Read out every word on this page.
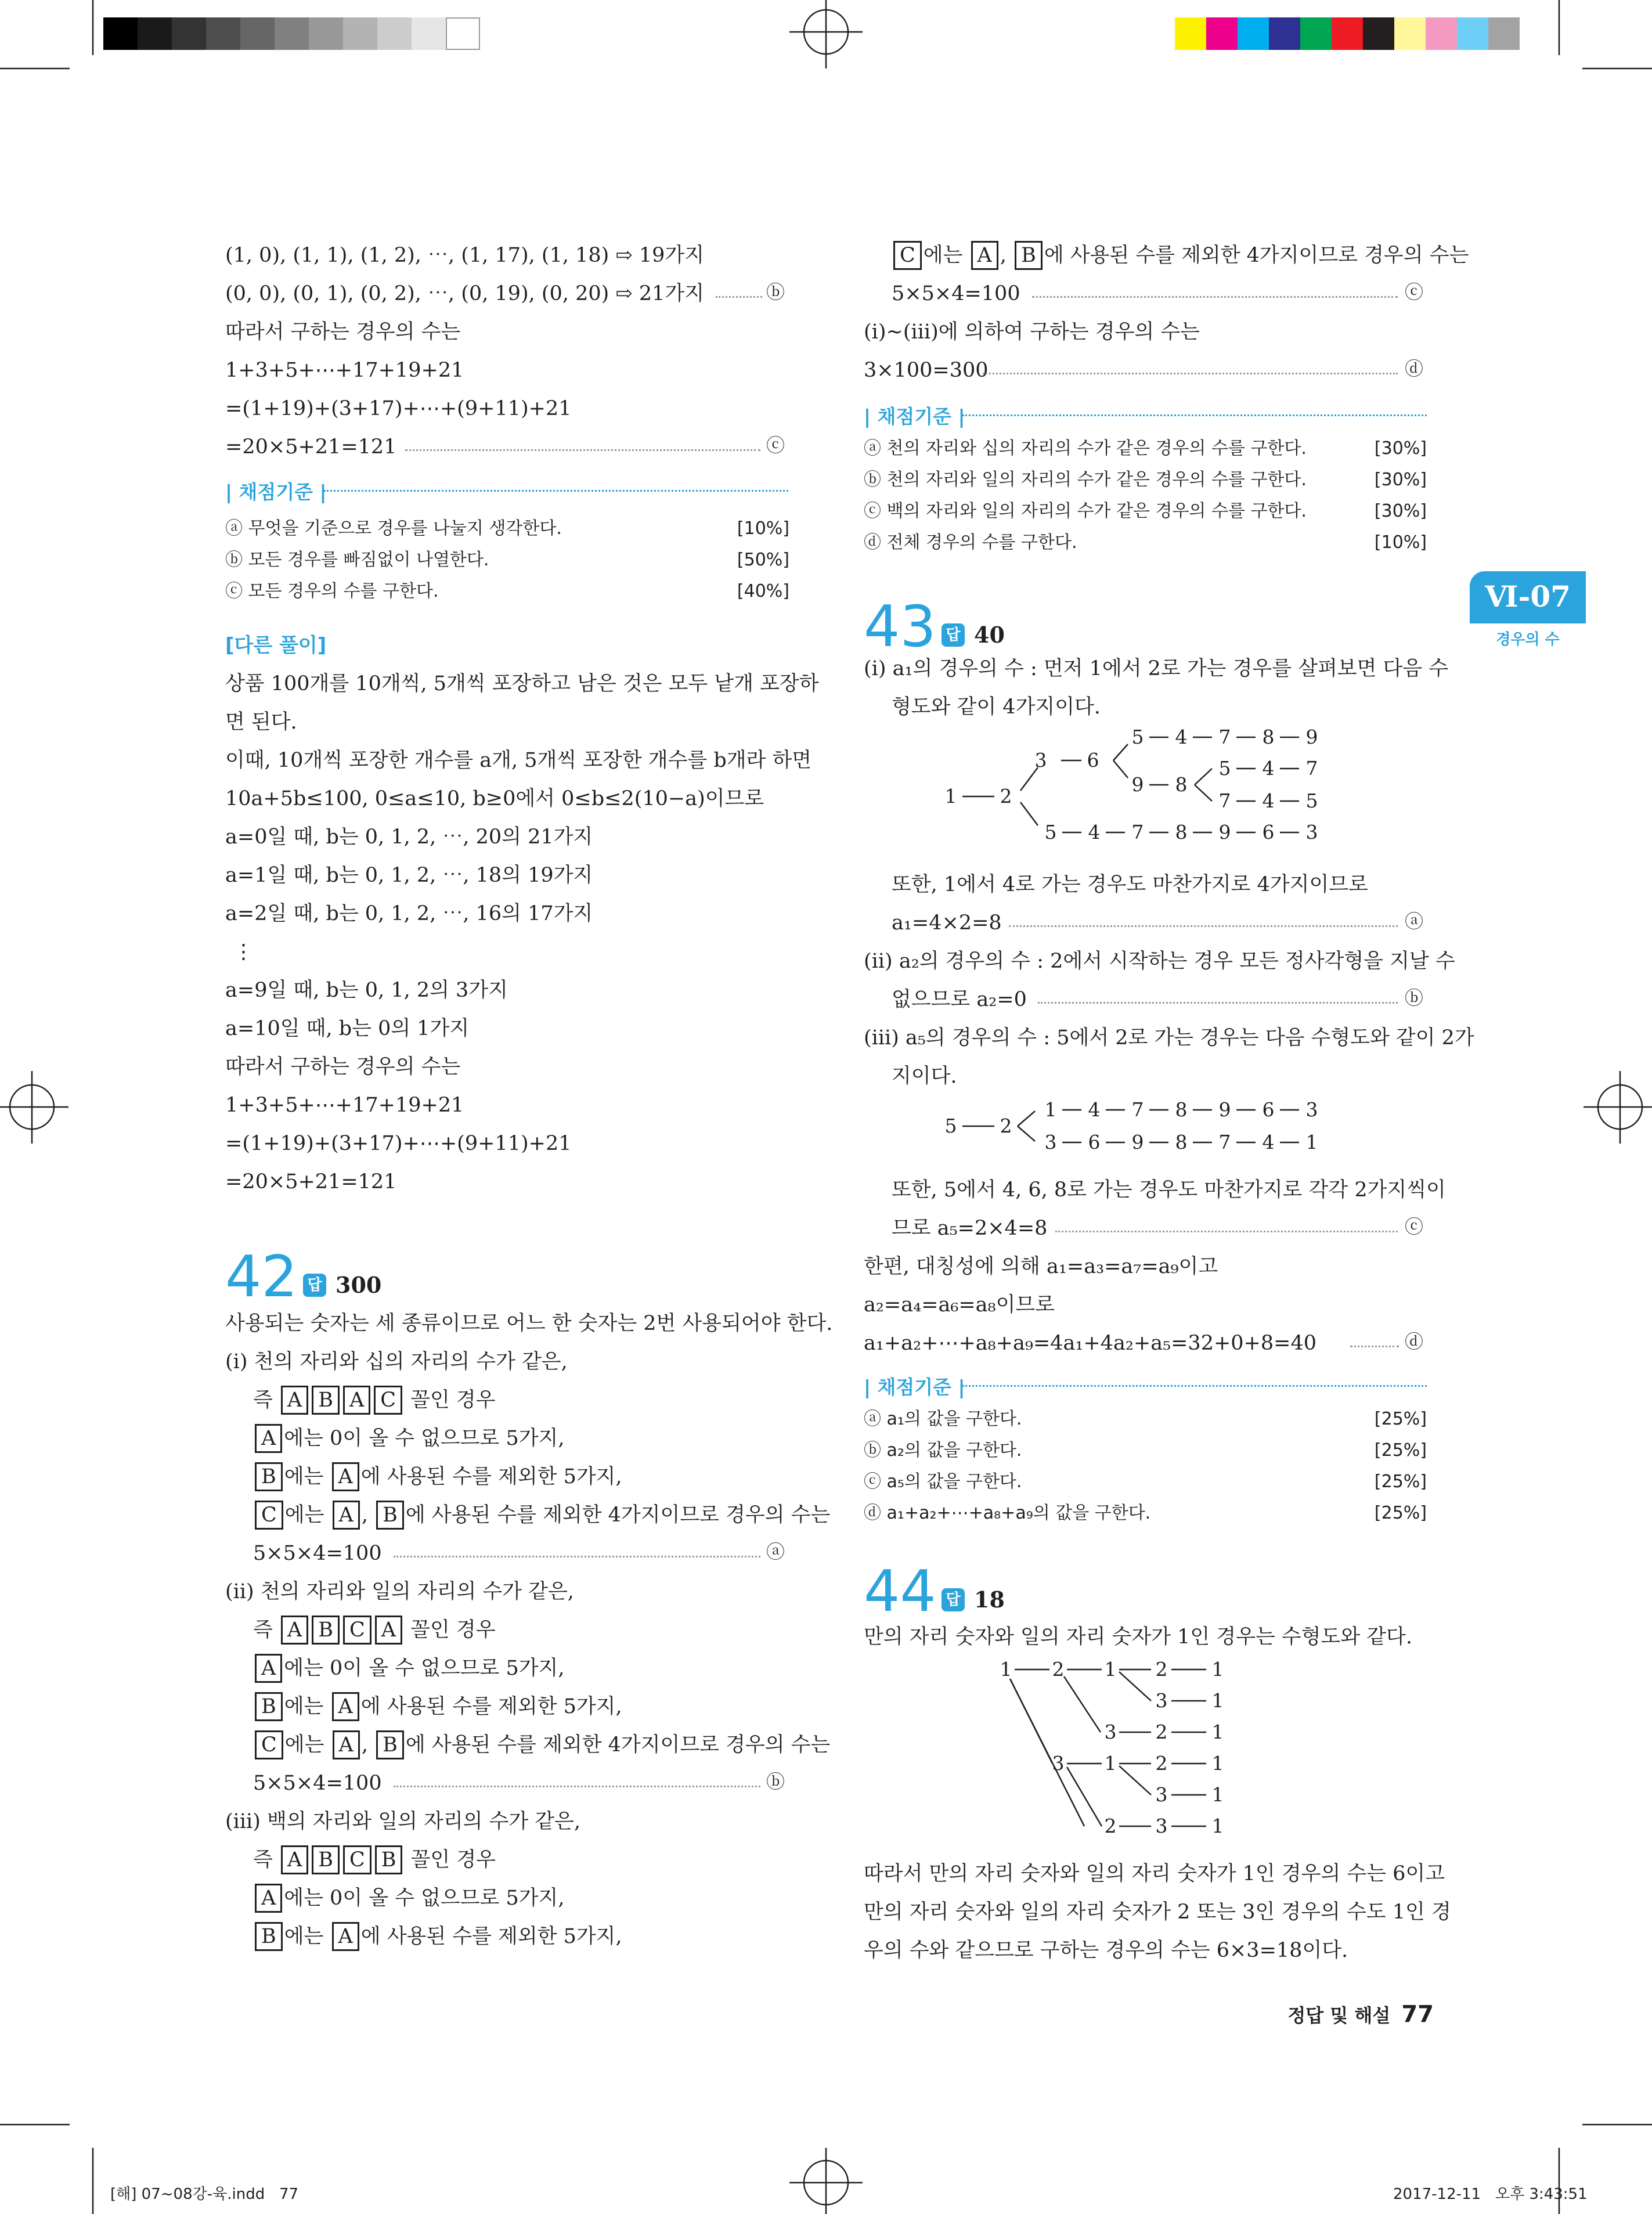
(1, 0), (1, 1), (1, 2), ⋯, (1, 17), (1, 18) ⇨ 19가지
(0, 0), (0, 1), (0, 2), ⋯, (0, 19), (0, 20) ⇨ 21가지	ⓑ
따라서 구하는 경우의 수는
1+3+5+⋯+17+19+21
=(1+19)+(3+17)+⋯+(9+11)+21
=20×5+21=121	ⓒ
| 채점기준 |
ⓐ 무엇을 기준으로 경우를 나눌지 생각한다.	[10%]
ⓑ 모든 경우를 빠짐없이 나열한다.	[50%]
ⓒ 모든 경우의 수를 구한다.	[40%]
[다른 풀이]
상품 100개를 10개씩, 5개씩 포장하고 남은 것은 모두 낱개 포장하
면 된다.
이때, 10개씩 포장한 개수를 a개, 5개씩 포장한 개수를 b개라 하면
10a+5b≤100, 0≤a≤10, b≥0에서 0≤b≤2(10−a)이므로
a=0일 때, b는 0, 1, 2, ⋯, 20의 21가지
a=1일 때, b는 0, 1, 2, ⋯, 18의 19가지
a=2일 때, b는 0, 1, 2, ⋯, 16의 17가지
⋮
a=9일 때, b는 0, 1, 2의 3가지
a=10일 때, b는 0의 1가지
따라서 구하는 경우의 수는
1+3+5+⋯+17+19+21
=(1+19)+(3+17)+⋯+(9+11)+21
=20×5+21=121
42 답 300
사용되는 숫자는 세 종류이므로 어느 한 숫자는 2번 사용되어야 한다.
(ⅰ) 천의 자리와 십의 자리의 수가 같은,
즉 A B A C 꼴인 경우
A 에는 0이 올 수 없으므로 5가지,
B 에는 A 에 사용된 수를 제외한 5가지,
C 에는 A , B 에 사용된 수를 제외한 4가지이므로 경우의 수는
5×5×4=100	ⓐ
(ⅱ) 천의 자리와 일의 자리의 수가 같은,
즉 A B C A 꼴인 경우
A 에는 0이 올 수 없으므로 5가지,
B 에는 A 에 사용된 수를 제외한 5가지,
C 에는 A , B 에 사용된 수를 제외한 4가지이므로 경우의 수는
5×5×4=100	ⓑ
(ⅲ) 백의 자리와 일의 자리의 수가 같은,
즉 A B C B 꼴인 경우
A 에는 0이 올 수 없으므로 5가지,
B 에는 A 에 사용된 수를 제외한 5가지,
C 에는 A , B 에 사용된 수를 제외한 4가지이므로 경우의 수는
5×5×4=100	ⓒ
(ⅰ)~(ⅲ)에 의하여 구하는 경우의 수는
3×100=300	ⓓ
| 채점기준 |
ⓐ 천의 자리와 십의 자리의 수가 같은 경우의 수를 구한다.	[30%]
ⓑ 천의 자리와 일의 자리의 수가 같은 경우의 수를 구한다.	[30%]
ⓒ 백의 자리와 일의 자리의 수가 같은 경우의 수를 구한다.	[30%]
ⓓ 전체 경우의 수를 구한다.	[10%]
43 답 40
(ⅰ) a₁의 경우의 수 : 먼저 1에서 2로 가는 경우를 살펴보면 다음 수
형도와 같이 4가지이다.
1 2
3 6
5 4 7 8 9
9 8
5 4 7
7 4 5
5 4 7 8 9 6 3
또한, 1에서 4로 가는 경우도 마찬가지로 4가지이므로
a₁=4×2=8	ⓐ
(ⅱ) a₂의 경우의 수 : 2에서 시작하는 경우 모든 정사각형을 지날 수
없으므로 a₂=0	ⓑ
(ⅲ) a₅의 경우의 수 : 5에서 2로 가는 경우는 다음 수형도와 같이 2가
지이다.
5 2
1 4 7 8 9 6 3
3 6 9 8 7 4 1
또한, 5에서 4, 6, 8로 가는 경우도 마찬가지로 각각 2가지씩이
므로 a₅=2×4=8	ⓒ
한편, 대칭성에 의해 a₁=a₃=a₇=a₉이고
a₂=a₄=a₆=a₈이므로
a₁+a₂+⋯+a₈+a₉=4a₁+4a₂+a₅=32+0+8=40	ⓓ
| 채점기준 |
ⓐ a₁의 값을 구한다.	[25%]
ⓑ a₂의 값을 구한다.	[25%]
ⓒ a₅의 값을 구한다.	[25%]
ⓓ a₁+a₂+⋯+a₈+a₉의 값을 구한다.	[25%]
44 답 18
만의 자리 숫자와 일의 자리 숫자가 1인 경우는 수형도와 같다.
1 2 1 2 1
3 1
3 2 1
3 1 2 1
3 1
2 3 1
따라서 만의 자리 숫자와 일의 자리 숫자가 1인 경우의 수는 6이고
만의 자리 숫자와 일의 자리 숫자가 2 또는 3인 경우의 수도 1인 경
우의 수와 같으므로 구하는 경우의 수는 6×3=18이다.
Ⅵ-07
경우의 수
정답 및 해설 77
[해] 07~08강-육.indd   77	2017-12-11   오후 3:43:51
